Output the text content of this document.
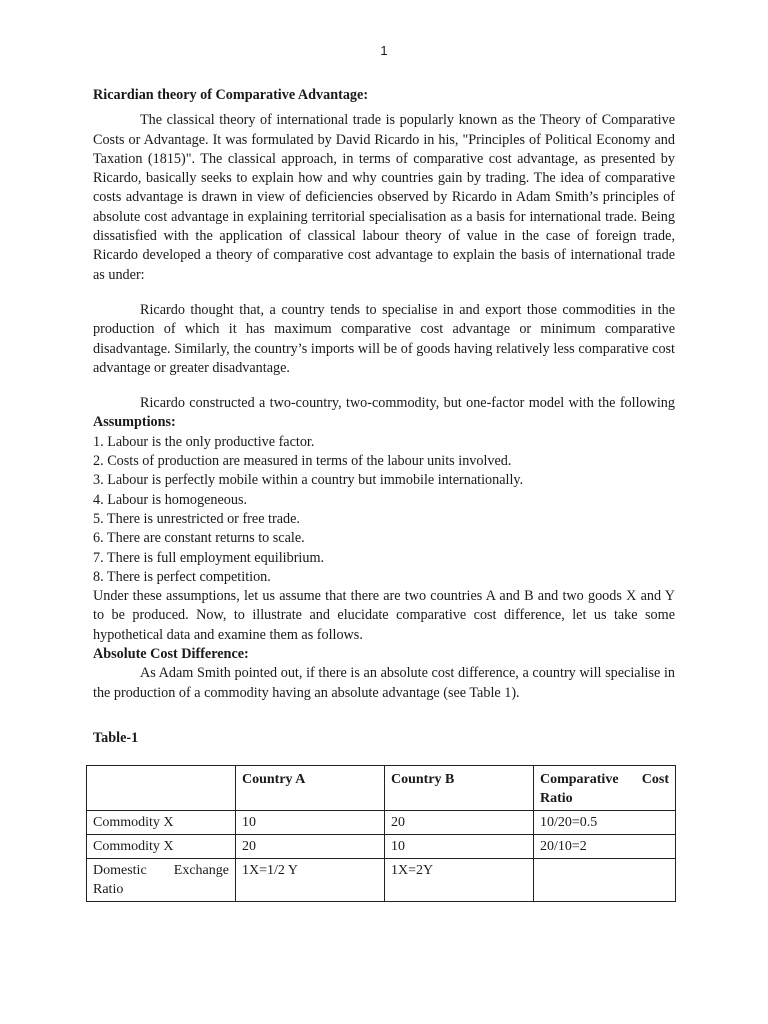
1
Ricardian theory of Comparative Advantage:

The classical theory of international trade is popularly known as the Theory of Comparative Costs or Advantage. It was formulated by David Ricardo in his, "Principles of Political Economy and Taxation (1815)". The classical approach, in terms of comparative cost advantage, as presented by Ricardo, basically seeks to explain how and why countries gain by trading. The idea of comparative costs advantage is drawn in view of deficiencies observed by Ricardo in Adam Smith’s principles of absolute cost advantage in explaining territorial specialisation as a basis for international trade. Being dissatisfied with the application of classical labour theory of value in the case of foreign trade, Ricardo developed a theory of comparative cost advantage to explain the basis of international trade as under:

Ricardo thought that, a country tends to specialise in and export those commodities in the production of which it has maximum comparative cost advantage or minimum comparative disadvantage. Similarly, the country’s imports will be of goods having relatively less comparative cost advantage or greater disadvantage.

Ricardo constructed a two-country, two-commodity, but one-factor model with the following Assumptions:

1. Labour is the only productive factor.
2. Costs of production are measured in terms of the labour units involved.
3. Labour is perfectly mobile within a country but immobile internationally.
4. Labour is homogeneous.
5. There is unrestricted or free trade.
6. There are constant returns to scale.
7. There is full employment equilibrium.
8. There is perfect competition.

Under these assumptions, let us assume that there are two countries A and B and two goods X and Y to be produced. Now, to illustrate and elucidate comparative cost difference, let us take some hypothetical data and examine them as follows.

Absolute Cost Difference:

As Adam Smith pointed out, if there is an absolute cost difference, a country will specialise in the production of a commodity having an absolute advantage (see Table 1).

Table-1
	Country A	Country B	Comparative Cost Ratio
Commodity X	10	20	10/20=0.5
Commodity X	20	10	20/10=2
Domestic Exchange Ratio	1X=1/2 Y	1X=2Y	
